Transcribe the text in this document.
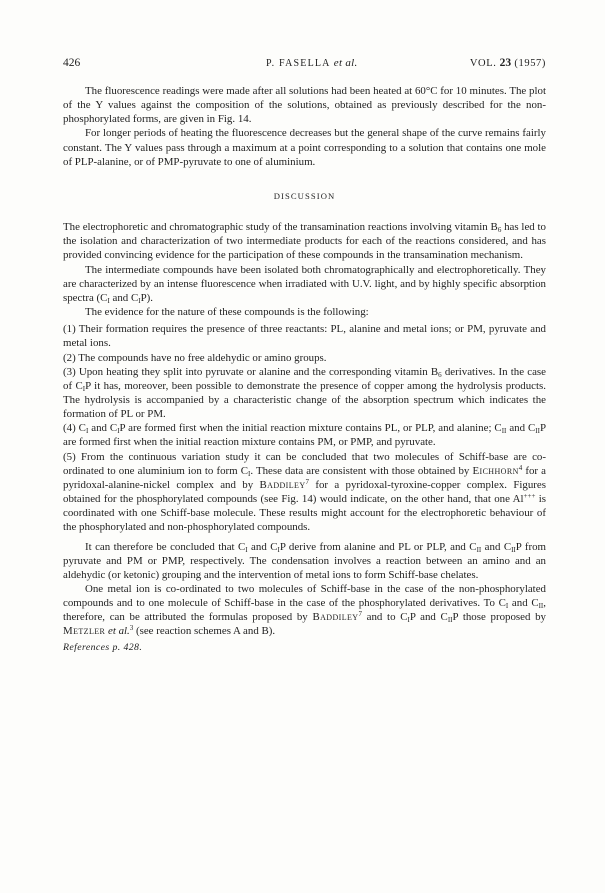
426	P. FASELLA et al.	VOL. 23 (1957)

The fluorescence readings were made after all solutions had been heated at 60°C for 10 minutes. The plot of the Y values against the composition of the solutions, obtained as previously described for the non-phosphorylated forms, are given in Fig. 14.

For longer periods of heating the fluorescence decreases but the general shape of the curve remains fairly constant. The Y values pass through a maximum at a point corresponding to a solution that contains one mole of PLP-alanine, or of PMP-pyruvate to one of aluminium.

DISCUSSION

The electrophoretic and chromatographic study of the transamination reactions involving vitamin $B_6$ has led to the isolation and characterization of two intermediate products for each of the reactions considered, and has provided convincing evidence for the participation of these compounds in the transamination mechanism.

The intermediate compounds have been isolated both chromatographically and electrophoretically. They are characterized by an intense fluorescence when irradiated with U.V. light, and by highly specific absorption spectra ($C_I$ and $C_IP$).

The evidence for the nature of these compounds is the following:

(1) Their formation requires the presence of three reactants: PL, alanine and metal ions; or PM, pyruvate and metal ions.

(2) The compounds have no free aldehydic or amino groups.

(3) Upon heating they split into pyruvate or alanine and the corresponding vitamin $B_6$ derivatives. In the case of $C_IP$ it has, moreover, been possible to demonstrate the presence of copper among the hydrolysis products. The hydrolysis is accompanied by a characteristic change of the absorption spectrum which indicates the formation of PL or PM.

(4) $C_I$ and $C_IP$ are formed first when the initial reaction mixture contains PL, or PLP, and alanine; $C_{II}$ and $C_{II}P$ are formed first when the initial reaction mixture contains PM, or PMP, and pyruvate.

(5) From the continuous variation study it can be concluded that two molecules of Schiff-base are co-ordinated to one aluminium ion to form $C_I$. These data are consistent with those obtained by Eichhorn$^4$ for a pyridoxal-alanine-nickel complex and by Baddiley$^7$ for a pyridoxal-tyroxine-copper complex. Figures obtained for the phosphorylated compounds (see Fig. 14) would indicate, on the other hand, that one Al+++ is coordinated with one Schiff-base molecule. These results might account for the electrophoretic behaviour of the phosphorylated and non-phosphorylated compounds.

It can therefore be concluded that $C_I$ and $C_IP$ derive from alanine and PL or PLP, and $C_{II}$ and $C_{II}P$ from pyruvate and PM or PMP, respectively. The condensation involves a reaction between an amino and an aldehydic (or ketonic) grouping and the intervention of metal ions to form Schiff-base chelates.

One metal ion is co-ordinated to two molecules of Schiff-base in the case of the non-phosphorylated compounds and to one molecule of Schiff-base in the case of the phosphorylated derivatives. To $C_I$ and $C_{II}$, therefore, can be attributed the formulas proposed by Baddiley$^7$ and to $C_IP$ and $C_{II}P$ those proposed by Metzler et al.$^3$ (see reaction schemes A and B).

References p. 428.
